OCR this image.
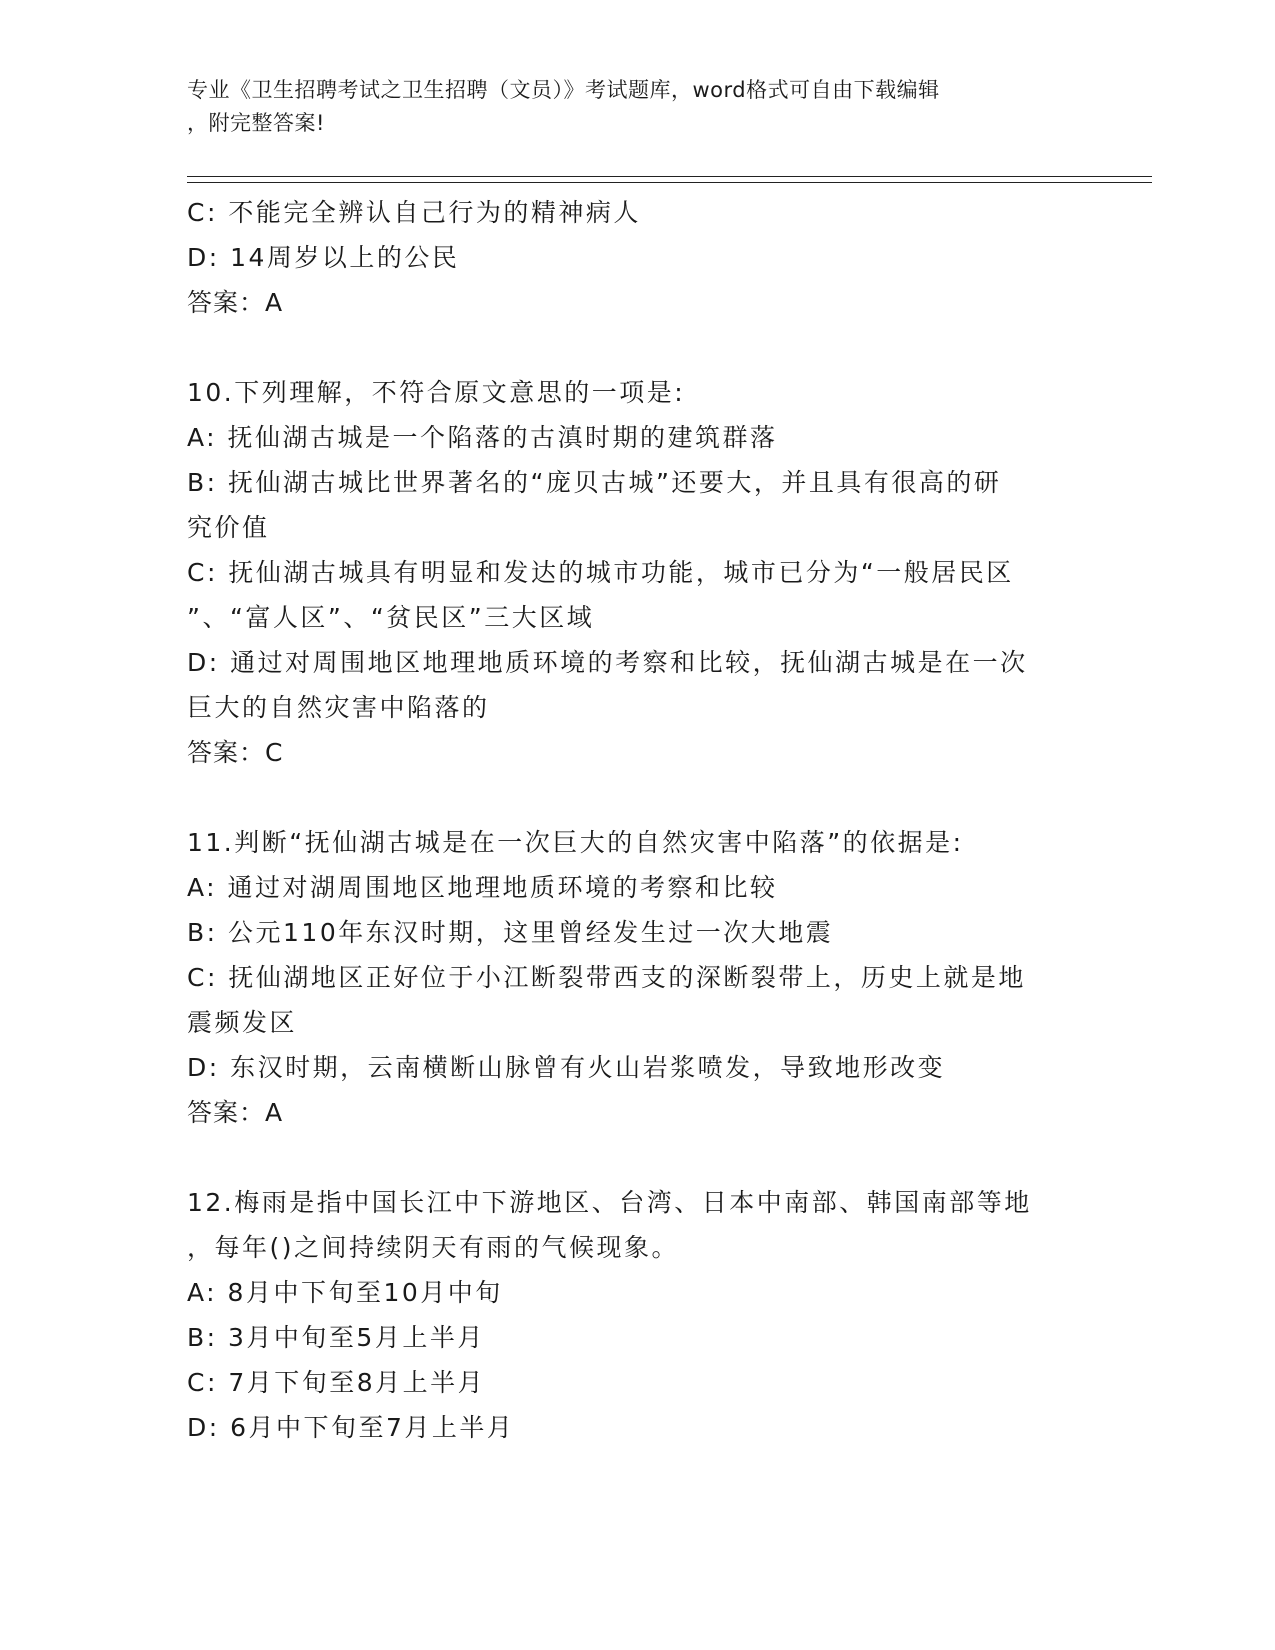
专业《卫生招聘考试之卫生招聘（文员）》考试题库，word格式可自由下载编辑
，附完整答案!

C: 不能完全辨认自己行为的精神病人

D: 14周岁以上的公民

答案：A

10.下列理解，不符合原文意思的一项是:

A: 抚仙湖古城是一个陷落的古滇时期的建筑群落

B: 抚仙湖古城比世界著名的“庞贝古城”还要大，并且具有很高的研

究价值

C: 抚仙湖古城具有明显和发达的城市功能，城市已分为“一般居民区

”、“富人区”、“贫民区”三大区域

D: 通过对周围地区地理地质环境的考察和比较，抚仙湖古城是在一次

巨大的自然灾害中陷落的

答案：C

11.判断“抚仙湖古城是在一次巨大的自然灾害中陷落”的依据是:

A: 通过对湖周围地区地理地质环境的考察和比较

B: 公元110年东汉时期，这里曾经发生过一次大地震

C: 抚仙湖地区正好位于小江断裂带西支的深断裂带上，历史上就是地

震频发区

D: 东汉时期，云南横断山脉曾有火山岩浆喷发，导致地形改变

答案：A

12.梅雨是指中国长江中下游地区、台湾、日本中南部、韩国南部等地

，每年()之间持续阴天有雨的气候现象。

A: 8月中下旬至10月中旬

B: 3月中旬至5月上半月

C: 7月下旬至8月上半月

D: 6月中下旬至7月上半月
